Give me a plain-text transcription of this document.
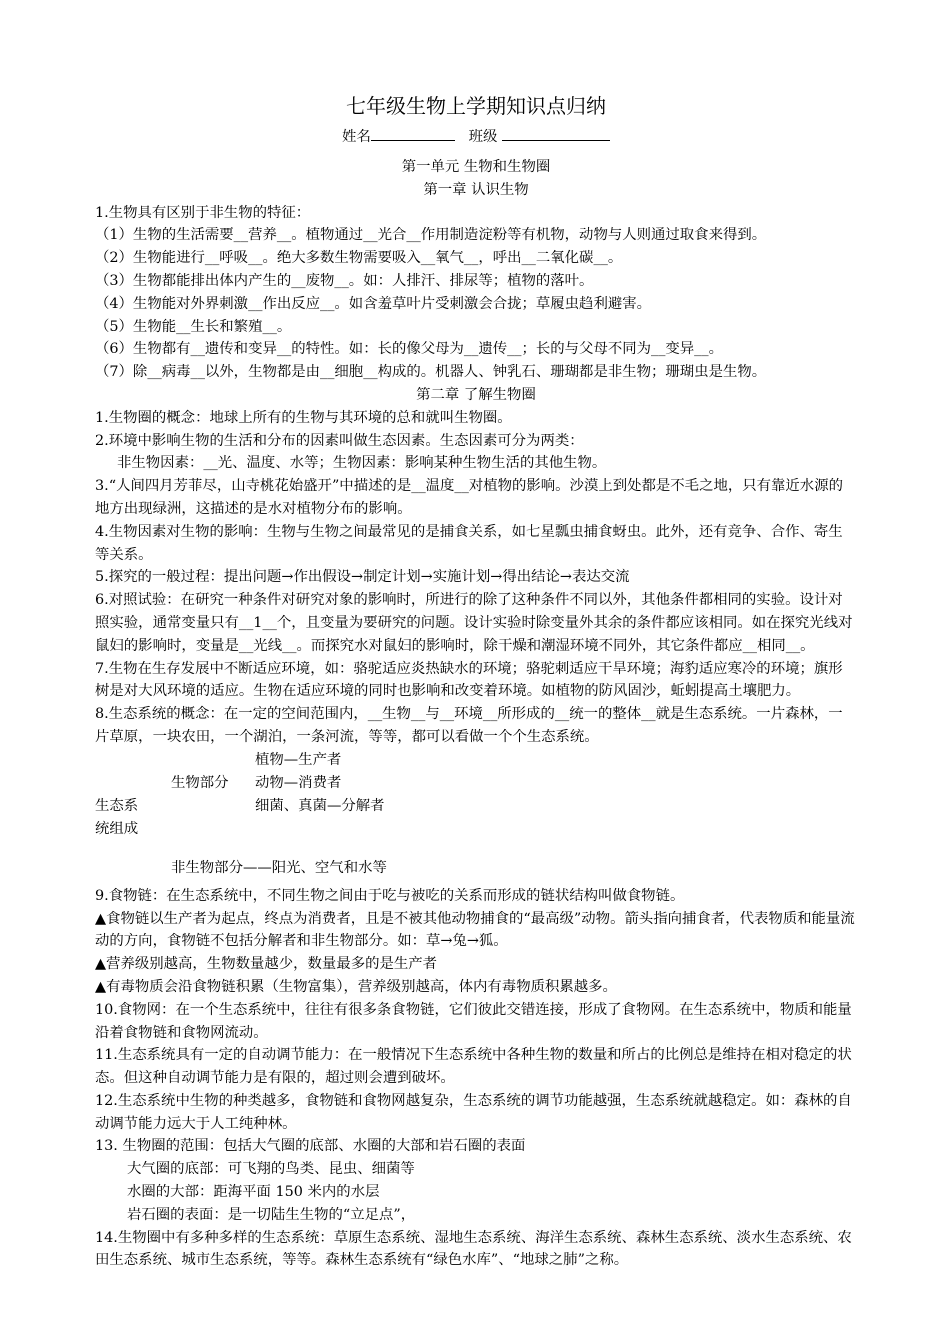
七年级生物上学期知识点归纳
姓名	班级
第一单元 生物和生物圈
第一章 认识生物
1.生物具有区别于非生物的特征：
（1）生物的生活需要__营养__。植物通过__光合__作用制造淀粉等有机物，动物与人则通过取食来得到。
（2）生物能进行__呼吸__。绝大多数生物需要吸入__氧气__，呼出__二氧化碳__。
（3）生物都能排出体内产生的__废物__。如：人排汗、排尿等；植物的落叶。
（4）生物能对外界刺激__作出反应__。如含羞草叶片受刺激会合拢；草履虫趋利避害。
（5）生物能__生长和繁殖__。
（6）生物都有__遗传和变异__的特性。如：长的像父母为__遗传__；长的与父母不同为__变异__。
（7）除__病毒__以外，生物都是由__细胞__构成的。机器人、钟乳石、珊瑚都是非生物；珊瑚虫是生物。
第二章 了解生物圈
1.生物圈的概念：地球上所有的生物与其环境的总和就叫生物圈。
2.环境中影响生物的生活和分布的因素叫做生态因素。生态因素可分为两类：
非生物因素：__光、温度、水等；生物因素：影响某种生物生活的其他生物。
3.“人间四月芳菲尽，山寺桃花始盛开”中描述的是__温度__对植物的影响。沙漠上到处都是不毛之地，只有靠近水源的地方出现绿洲，这描述的是水对植物分布的影响。
4.生物因素对生物的影响：生物与生物之间最常见的是捕食关系，如七星瓢虫捕食蚜虫。此外，还有竞争、合作、寄生等关系。
5.探究的一般过程：提出问题→作出假设→制定计划→实施计划→得出结论→表达交流
6.对照试验：在研究一种条件对研究对象的影响时，所进行的除了这种条件不同以外，其他条件都相同的实验。设计对照实验，通常变量只有__1__个，且变量为要研究的问题。设计实验时除变量外其余的条件都应该相同。如在探究光线对鼠妇的影响时，变量是__光线__。而探究水对鼠妇的影响时，除干燥和潮湿环境不同外，其它条件都应__相同__。
7.生物在生存发展中不断适应环境，如：骆驼适应炎热缺水的环境；骆驼刺适应干旱环境；海豹适应寒冷的环境；旗形树是对大风环境的适应。生物在适应环境的同时也影响和改变着环境。如植物的防风固沙，蚯蚓提高土壤肥力。
8.生态系统的概念：在一定的空间范围内，__生物__与__环境__所形成的__统一的整体__就是生态系统。一片森林，一片草原，一块农田，一个湖泊，一条河流，等等，都可以看做一个个生态系统。
植物—生产者
生物部分 动物—消费者
生态系	细菌、真菌—分解者
统组成
非生物部分——阳光、空气和水等
9.食物链：在生态系统中，不同生物之间由于吃与被吃的关系而形成的链状结构叫做食物链。
▲食物链以生产者为起点，终点为消费者，且是不被其他动物捕食的“最高级”动物。箭头指向捕食者，代表物质和能量流动的方向，食物链不包括分解者和非生物部分。如：草→兔→狐。
▲营养级别越高，生物数量越少，数量最多的是生产者
▲有毒物质会沿食物链积累（生物富集），营养级别越高，体内有毒物质积累越多。
10.食物网：在一个生态系统中，往往有很多条食物链，它们彼此交错连接，形成了食物网。在生态系统中，物质和能量沿着食物链和食物网流动。
11.生态系统具有一定的自动调节能力：在一般情况下生态系统中各种生物的数量和所占的比例总是维持在相对稳定的状态。但这种自动调节能力是有限的，超过则会遭到破坏。
12.生态系统中生物的种类越多，食物链和食物网越复杂，生态系统的调节功能越强，生态系统就越稳定。如：森林的自动调节能力远大于人工纯种林。
13. 生物圈的范围：包括大气圈的底部、水圈的大部和岩石圈的表面
大气圈的底部：可飞翔的鸟类、昆虫、细菌等
水圈的大部：距海平面 150 米内的水层
岩石圈的表面：是一切陆生生物的“立足点”，
14.生物圈中有多种多样的生态系统：草原生态系统、湿地生态系统、海洋生态系统、森林生态系统、淡水生态系统、农田生态系统、城市生态系统，等等。森林生态系统有“绿色水库”、“地球之肺”之称。
